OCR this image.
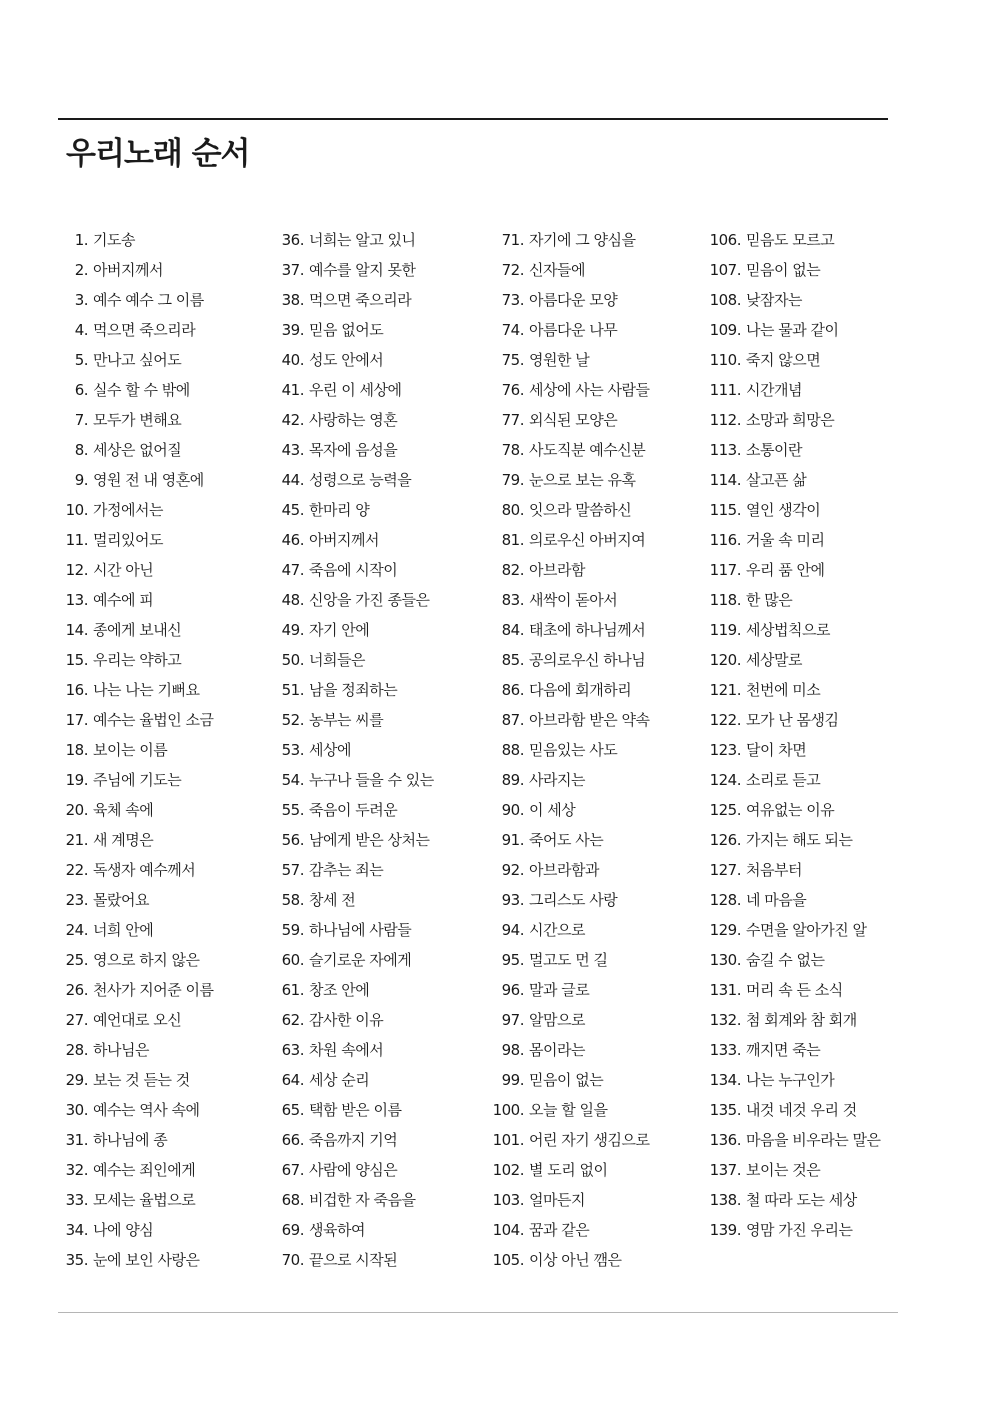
우리노래 순서
1. 기도송
2. 아버지께서
3. 예수 예수 그 이름
4. 먹으면 죽으리라
5. 만나고 싶어도
6. 실수 할 수 밖에
7. 모두가 변해요
8. 세상은 없어질
9. 영원 전 내 영혼에
10. 가정에서는
11. 멀리있어도
12. 시간 아닌
13. 예수에 피
14. 종에게 보내신
15. 우리는 약하고
16. 나는 나는 기뻐요
17. 예수는 율법인 소금
18. 보이는 이름
19. 주님에 기도는
20. 육체 속에
21. 새 계명은
22. 독생자 예수께서
23. 몰랐어요
24. 너희 안에
25. 영으로 하지 않은
26. 천사가 지어준 이름
27. 예언대로 오신
28. 하나님은
29. 보는 것 듣는 것
30. 예수는 역사 속에
31. 하나님에 종
32. 예수는 죄인에게
33. 모세는 율법으로
34. 나에 양심
35. 눈에 보인 사랑은
36. 너희는 알고 있니
37. 예수를 알지 못한
38. 먹으면 죽으리라
39. 믿음 없어도
40. 성도 안에서
41. 우린 이 세상에
42. 사랑하는 영혼
43. 목자에 음성을
44. 성령으로 능력을
45. 한마리 양
46. 아버지께서
47. 죽음에 시작이
48. 신앙을 가진 종들은
49. 자기 안에
50. 너희들은
51. 남을 정죄하는
52. 농부는 씨를
53. 세상에
54. 누구나 들을 수 있는
55. 죽음이 두려운
56. 남에게 받은 상처는
57. 감추는 죄는
58. 창세 전
59. 하나님에 사람들
60. 슬기로운 자에게
61. 창조 안에
62. 감사한 이유
63. 차원 속에서
64. 세상 순리
65. 택함 받은 이름
66. 죽음까지 기억
67. 사람에 양심은
68. 비겁한 자 죽음을
69. 생육하여
70. 끝으로 시작된
71. 자기에 그 양심을
72. 신자들에
73. 아름다운 모양
74. 아름다운 나무
75. 영원한 날
76. 세상에 사는 사람들
77. 외식된 모양은
78. 사도직분 예수신분
79. 눈으로 보는 유혹
80. 잇으라 말씀하신
81. 의로우신 아버지여
82. 아브라함
83. 새싹이 돋아서
84. 태초에 하나님께서
85. 공의로우신 하나님
86. 다음에 회개하리
87. 아브라함 받은 약속
88. 믿음있는 사도
89. 사라지는
90. 이 세상
91. 죽어도 사는
92. 아브라함과
93. 그리스도 사랑
94. 시간으로
95. 멀고도 먼 길
96. 말과 글로
97. 알맘으로
98. 몸이라는
99. 믿음이 없는
100. 오늘 할 일을
101. 어린 자기 생김으로
102. 별 도리 없이
103. 얼마든지
104. 꿈과 같은
105. 이상 아닌 깸은
106. 믿음도 모르고
107. 믿음이 없는
108. 낮잠자는
109. 나는 물과 같이
110. 죽지 않으면
111. 시간개념
112. 소망과 희망은
113. 소통이란
114. 살고픈 삶
115. 열인 생각이
116. 거울 속 미리
117. 우리 품 안에
118. 한 많은
119. 세상법칙으로
120. 세상말로
121. 천번에 미소
122. 모가 난 몸생김
123. 달이 차면
124. 소리로 듣고
125. 여유없는 이유
126. 가지는 해도 되는
127. 처음부터
128. 네 마음을
129. 수면을 알아가진 알
130. 숨길 수 없는
131. 머리 속 든 소식
132. 첨 회계와 참 회개
133. 깨지면 죽는
134. 나는 누구인가
135. 내것 네것 우리 것
136. 마음을 비우라는 말은
137. 보이는 것은
138. 철 따라 도는 세상
139. 영맘 가진 우리는
